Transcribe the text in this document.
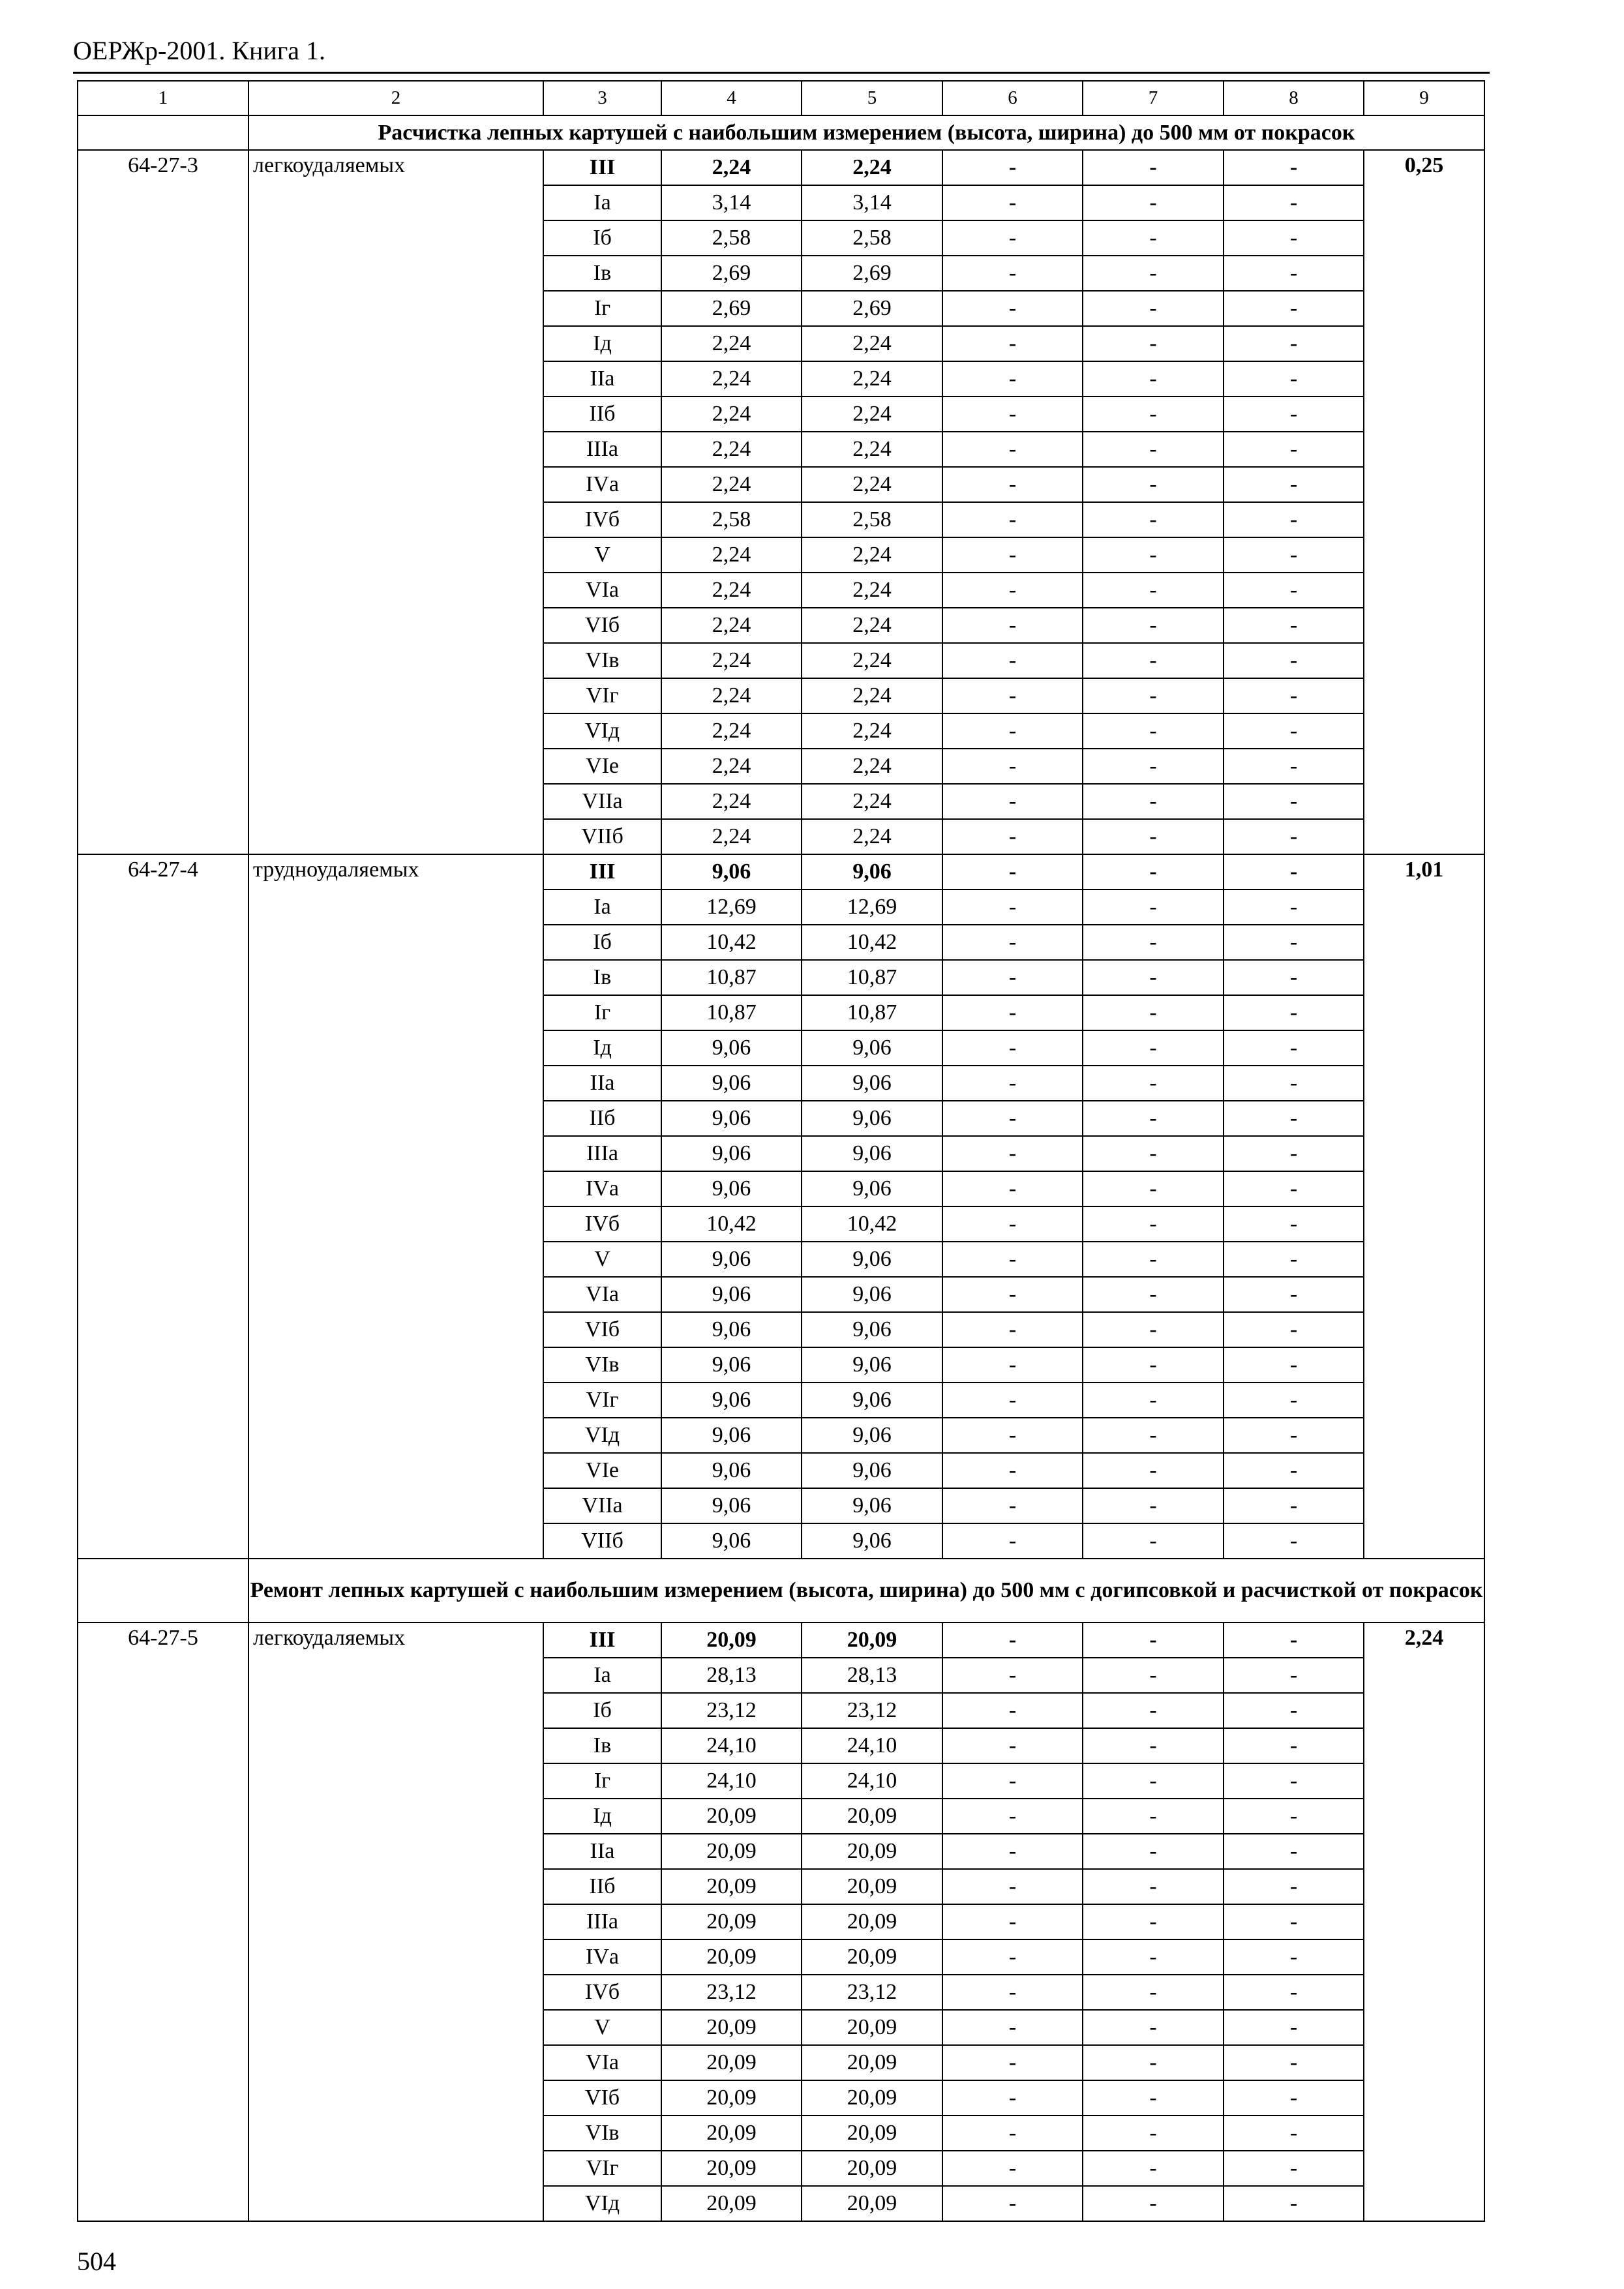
ОЕРЖр-2001. Книга 1.
1	2	3	4	5	6	7	8	9
	Расчистка лепных картушей с наибольшим измерением (высота, ширина) до 500 мм от покрасок							
64-27-3	легкоудаляемых	III	2,24	2,24	-	-	-	0,25
		Iа	3,14	3,14	-	-	-	
		Iб	2,58	2,58	-	-	-	
		Iв	2,69	2,69	-	-	-	
		Iг	2,69	2,69	-	-	-	
		Iд	2,24	2,24	-	-	-	
		IIа	2,24	2,24	-	-	-	
		IIб	2,24	2,24	-	-	-	
		IIIа	2,24	2,24	-	-	-	
		IVа	2,24	2,24	-	-	-	
		IVб	2,58	2,58	-	-	-	
		V	2,24	2,24	-	-	-	
		VIа	2,24	2,24	-	-	-	
		VIб	2,24	2,24	-	-	-	
		VIв	2,24	2,24	-	-	-	
		VIг	2,24	2,24	-	-	-	
		VIд	2,24	2,24	-	-	-	
		VIе	2,24	2,24	-	-	-	
		VIIа	2,24	2,24	-	-	-	
		VIIб	2,24	2,24	-	-	-	
64-27-4	трудноудаляемых	III	9,06	9,06	-	-	-	1,01
		Iа	12,69	12,69	-	-	-	
		Iб	10,42	10,42	-	-	-	
		Iв	10,87	10,87	-	-	-	
		Iг	10,87	10,87	-	-	-	
		Iд	9,06	9,06	-	-	-	
		IIа	9,06	9,06	-	-	-	
		IIб	9,06	9,06	-	-	-	
		IIIа	9,06	9,06	-	-	-	
		IVа	9,06	9,06	-	-	-	
		IVб	10,42	10,42	-	-	-	
		V	9,06	9,06	-	-	-	
		VIа	9,06	9,06	-	-	-	
		VIб	9,06	9,06	-	-	-	
		VIв	9,06	9,06	-	-	-	
		VIг	9,06	9,06	-	-	-	
		VIд	9,06	9,06	-	-	-	
		VIе	9,06	9,06	-	-	-	
		VIIа	9,06	9,06	-	-	-	
		VIIб	9,06	9,06	-	-	-	
	Ремонт лепных картушей с наибольшим измерением (высота, ширина) до 500 мм с догипсовкой и расчисткой от покрасок							
64-27-5	легкоудаляемых	III	20,09	20,09	-	-	-	2,24
		Iа	28,13	28,13	-	-	-	
		Iб	23,12	23,12	-	-	-	
		Iв	24,10	24,10	-	-	-	
		Iг	24,10	24,10	-	-	-	
		Iд	20,09	20,09	-	-	-	
		IIа	20,09	20,09	-	-	-	
		IIб	20,09	20,09	-	-	-	
		IIIа	20,09	20,09	-	-	-	
		IVа	20,09	20,09	-	-	-	
		IVб	23,12	23,12	-	-	-	
		V	20,09	20,09	-	-	-	
		VIа	20,09	20,09	-	-	-	
		VIб	20,09	20,09	-	-	-	
		VIв	20,09	20,09	-	-	-	
		VIг	20,09	20,09	-	-	-	
		VIд	20,09	20,09	-	-	-	
504
